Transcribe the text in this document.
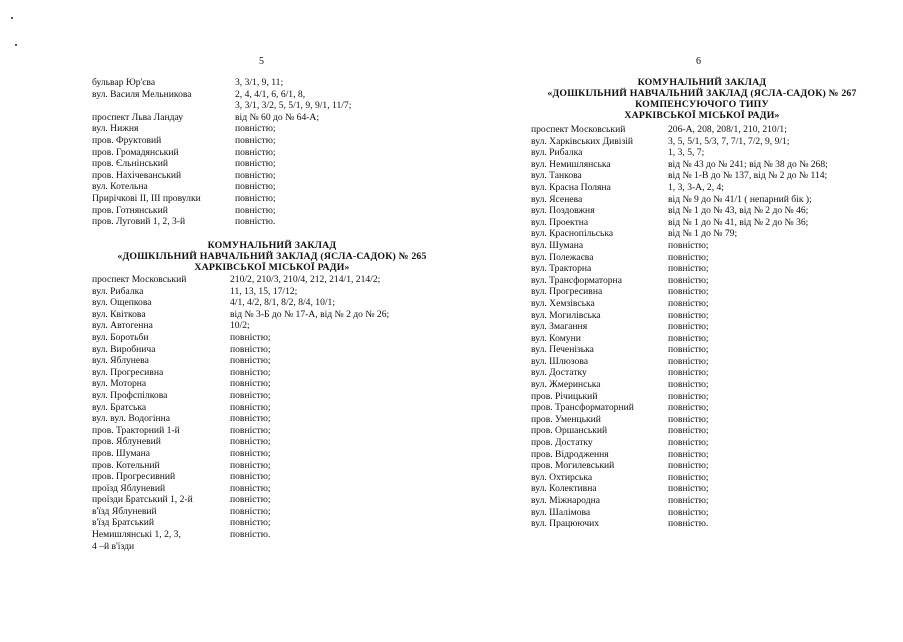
5
бульвар Юр'єва	3, 3/1, 9, 11;
вул. Василя Мельникова	2, 4, 4/1, 6, 6/1, 8,
3, 3/1, 3/2, 5, 5/1, 9, 9/1, 11/7;
проспект Льва Ландау	від № 60 до № 64-А;
вул. Нижня	повністю;
пров. Фруктовий	повністю;
пров. Громадянський	повністю;
пров. Єльнінський	повністю;
пров. Нахічеванський	повністю;
вул. Котельна	повністю;
Прирічкові II, III провулки	повністю;
пров. Готнянський	повністю;
пров. Луговий 1, 2, 3-й	повністю.
КОМУНАЛЬНИЙ ЗАКЛАД
«ДОШКІЛЬНИЙ НАВЧАЛЬНИЙ ЗАКЛАД (ЯСЛА-САДОК) № 265
ХАРКІВСЬКОЇ МІСЬКОЇ РАДИ»
проспект Московський	210/2, 210/3, 210/4, 212, 214/1, 214/2;
вул. Рибалка	11, 13, 15, 17/12;
вул. Ощепкова	4/1, 4/2, 8/1, 8/2, 8/4, 10/1;
вул. Квіткова	від № 3-Б до № 17-А, від № 2 до № 26;
вул. Автогенна	10/2;
вул. Боротьби	повністю;
вул. Виробнича	повністю;
вул. Яблунева	повністю;
вул. Прогресивна	повністю;
вул. Моторна	повністю;
вул. Профспілкова	повністю;
вул. Братська	повністю;
вул. вул. Водогінна	повністю;
пров. Тракторний 1-й	повністю;
пров. Яблуневий	повністю;
пров. Шумана	повністю;
пров. Котельний	повністю;
пров. Прогресивний	повністю;
проїзд Яблуневий	повністю;
проїзди Братський 1, 2-й	повністю;
в'їзд Яблуневий	повністю;
в'їзд Братський	повністю;
Немишлянські 1, 2, 3,	повністю.
4 –й в'їзди
6
КОМУНАЛЬНИЙ ЗАКЛАД
«ДОШКІЛЬНИЙ НАВЧАЛЬНИЙ ЗАКЛАД (ЯСЛА-САДОК) № 267
КОМПЕНСУЮЧОГО ТИПУ
ХАРКІВСЬКОЇ МІСЬКОЇ РАДИ»
проспект Московський	206-А, 208, 208/1, 210, 210/1;
вул. Харківських Дивізій	3, 5, 5/1, 5/3, 7, 7/1, 7/2, 9, 9/1;
вул. Рибалка	1, 3, 5, 7;
вул. Немишлянська	від № 43 до № 241; від № 38 до № 268;
вул. Танкова	від № 1-В до № 137, від № 2 до № 114;
вул. Красна Поляна	1, 3, 3-А, 2, 4;
вул. Ясенева	від № 9 до № 41/1 ( непарний бік );
вул. Поздовжня	від № 1 до № 43, від № 2 до № 46;
вул. Проектна	від № 1 до № 41, від № 2 до № 36;
вул. Краснопільська	від № 1 до № 79;
вул. Шумана	повністю;
вул. Полежаєва	повністю;
вул. Тракторна	повністю;
вул. Трансформаторна	повністю;
вул. Прогресивна	повністю;
вул. Хемзівська	повністю;
вул. Могилівська	повністю;
вул. Змагання	повністю;
вул. Комуни	повністю;
вул. Печенізька	повністю;
вул. Шлюзова	повністю;
вул. Достатку	повністю;
вул. Жмеринська	повністю;
пров. Річицький	повністю;
пров. Трансформаторний	повністю;
пров. Уменцький	повністю;
пров. Оршанський	повністю;
пров. Достатку	повністю;
пров. Відродження	повністю;
пров. Могилевський	повністю;
вул. Охтирська	повністю;
вул. Колективна	повністю;
вул. Міжнародна	повністю;
вул. Шалімова	повністю;
вул. Працюючих	повністю.
